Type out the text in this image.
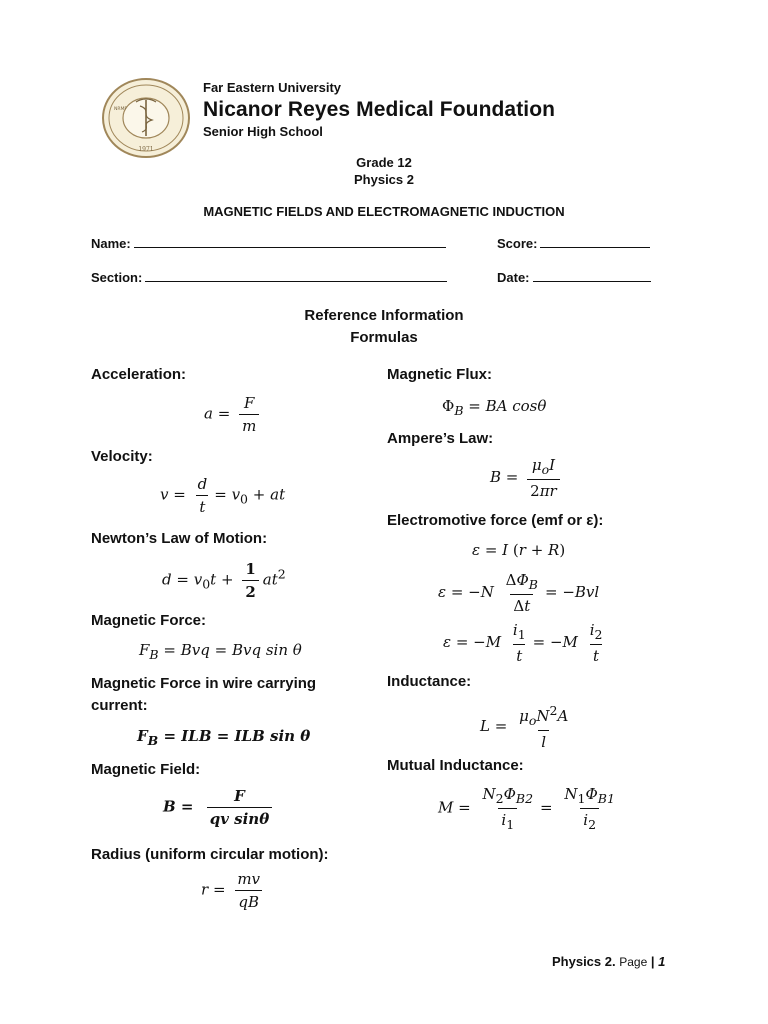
1971
NRMF
Far Eastern University
Nicanor Reyes Medical Foundation
Senior High School
Grade 12
Physics 2
MAGNETIC FIELDS AND ELECTROMAGNETIC INDUCTION
Name:	Score:
Section:	Date:
Reference Information
Formulas
Acceleration:
$a = \frac{F}{m}$
Velocity:
$v = \frac{d}{t} = v_0$ + at
Newton’s Law of Motion:
$d = v_0t + \frac{1}{2} at^2$
Magnetic Force:
$F_B$ = Bvq = Bvq sin θ
Magnetic Force in wire carrying
current:
$F_B$ = ILB = ILB sin θ
Magnetic Field:
$B = \frac{F}{\text{qv sinθ}}$
Radius (uniform circular motion):
$r = \frac{mv}{qB}$
Magnetic Flux:
$\Phi_B$ = BA cosθ
Ampere’s Law:
$B = \frac{\mu_oI}{2\pi r}$
Electromotive force (emf or ε):
ε = I (r + R)
$\varepsilon = -N \frac{\Delta\Phi_B}{\Delta t} = -Bvl$
$\varepsilon = -M \frac{i_1}{t} = -M \frac{i_2}{t}$
Inductance:
$L = \frac{\mu_oN^2A}{l}$
Mutual Inductance:
$M = \frac{N_2\Phi_{B2}}{i_1} = \frac{N_1\Phi_{B1}}{i_2}$
Physics 2. Page | 1
